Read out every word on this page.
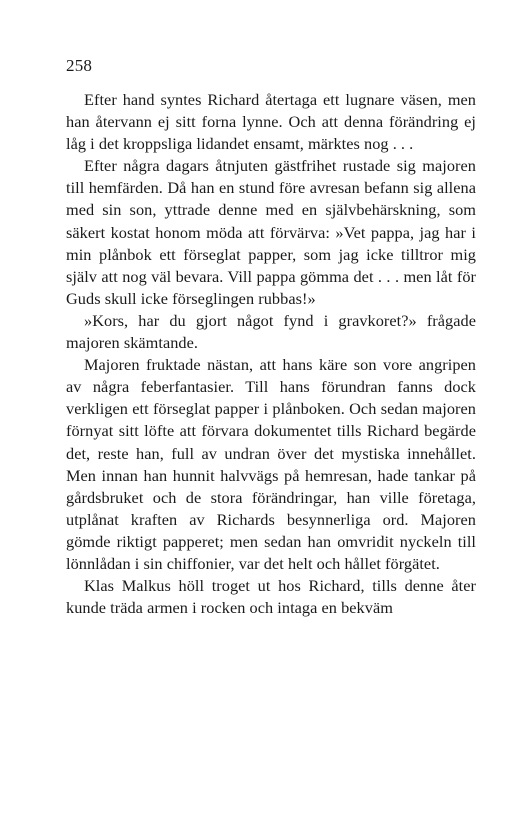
258

Efter hand syntes Richard återtaga ett lugnare väsen, men han återvann ej sitt forna lynne. Och att denna förändring ej låg i det kroppsliga lidandet ensamt, märktes nog . . .

Efter några dagars åtnjuten gästfrihet rustade sig majoren till hemfärden. Då han en stund före avresan befann sig allena med sin son, yttrade denne med en självbehärskning, som säkert kostat honom möda att förvärva: »Vet pappa, jag har i min plånbok ett förseglat papper, som jag icke tilltror mig själv att nog väl bevara. Vill pappa gömma det . . . men låt för Guds skull icke förseglingen rubbas!»

»Kors, har du gjort något fynd i gravkoret?» frågade majoren skämtande.

Majoren fruktade nästan, att hans käre son vore angripen av några feberfantasier. Till hans förundran fanns dock verkligen ett förseglat papper i plånboken. Och sedan majoren förnyat sitt löfte att förvara dokumentet tills Richard begärde det, reste han, full av undran över det mystiska innehållet. Men innan han hunnit halvvägs på hemresan, hade tankar på gårdsbruket och de stora förändringar, han ville företaga, utplånat kraften av Richards besynnerliga ord. Majoren gömde riktigt papperet; men sedan han omvridit nyckeln till lönnlådan i sin chiffonier, var det helt och hållet förgätet.

Klas Malkus höll troget ut hos Richard, tills denne åter kunde träda armen i rocken och intaga en bekväm
